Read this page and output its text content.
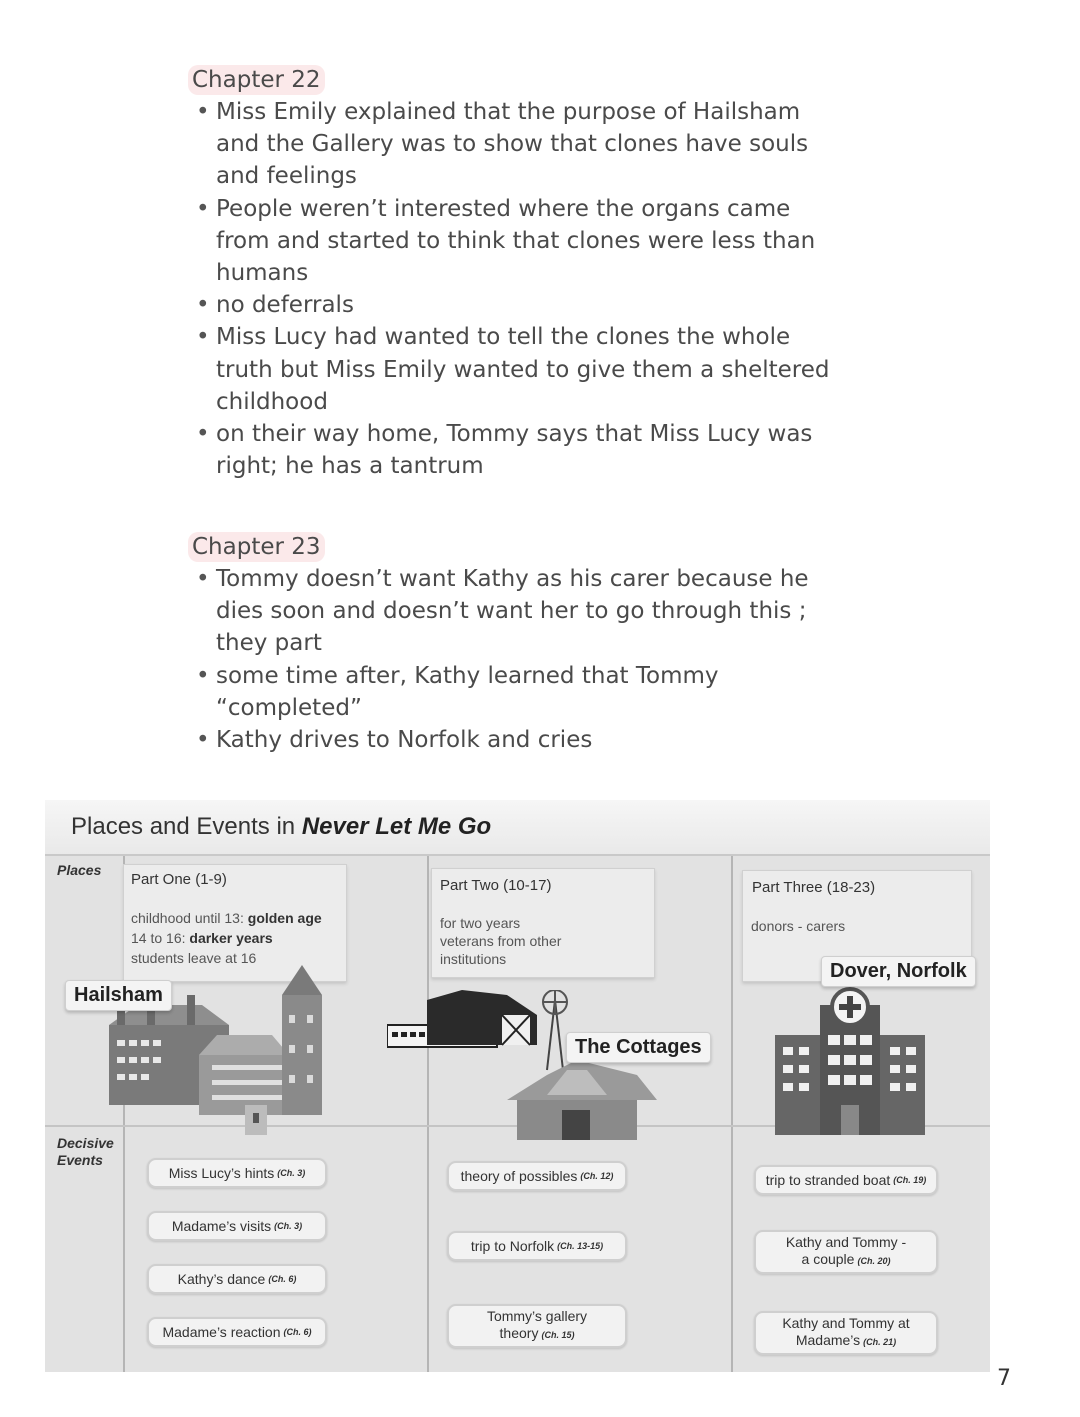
Chapter 22
• Miss Emily explained that the purpose of Hailsham and the Gallery was to show that clones have souls and feelings
• People weren’t interested where the organs came from and started to think that clones were less than humans
• no deferrals
• Miss Lucy had wanted to tell the clones the whole truth but Miss Emily wanted to give them a sheltered childhood
• on their way home, Tommy says that Miss Lucy was right; he has a tantrum
Chapter 23
• Tommy doesn’t want Kathy as his carer because he dies soon and doesn’t want her to go through this ; they part
• some time after, Kathy learned that Tommy “completed”
• Kathy drives to Norfolk and cries
Places and Events in Never Let Me Go
Places
Decisive
Events
Part One (1-9)
childhood until 13: golden age
14 to 16: darker years
students leave at 16
Hailsham
Miss Lucy’s hints (Ch. 3)
Madame’s visits (Ch. 3)
Kathy’s dance (Ch. 6)
Madame’s reaction (Ch. 6)
Part Two (10-17)
for two years
veterans from other
institutions
The Cottages
theory of possibles (Ch. 12)
trip to Norfolk (Ch. 13-15)
Tommy’s gallery
theory (Ch. 15)
Part Three (18-23)
donors - carers
Dover, Norfolk
trip to stranded boat (Ch. 19)
Kathy and Tommy -
a couple (Ch. 20)
Kathy and Tommy at
Madame’s (Ch. 21)
7
